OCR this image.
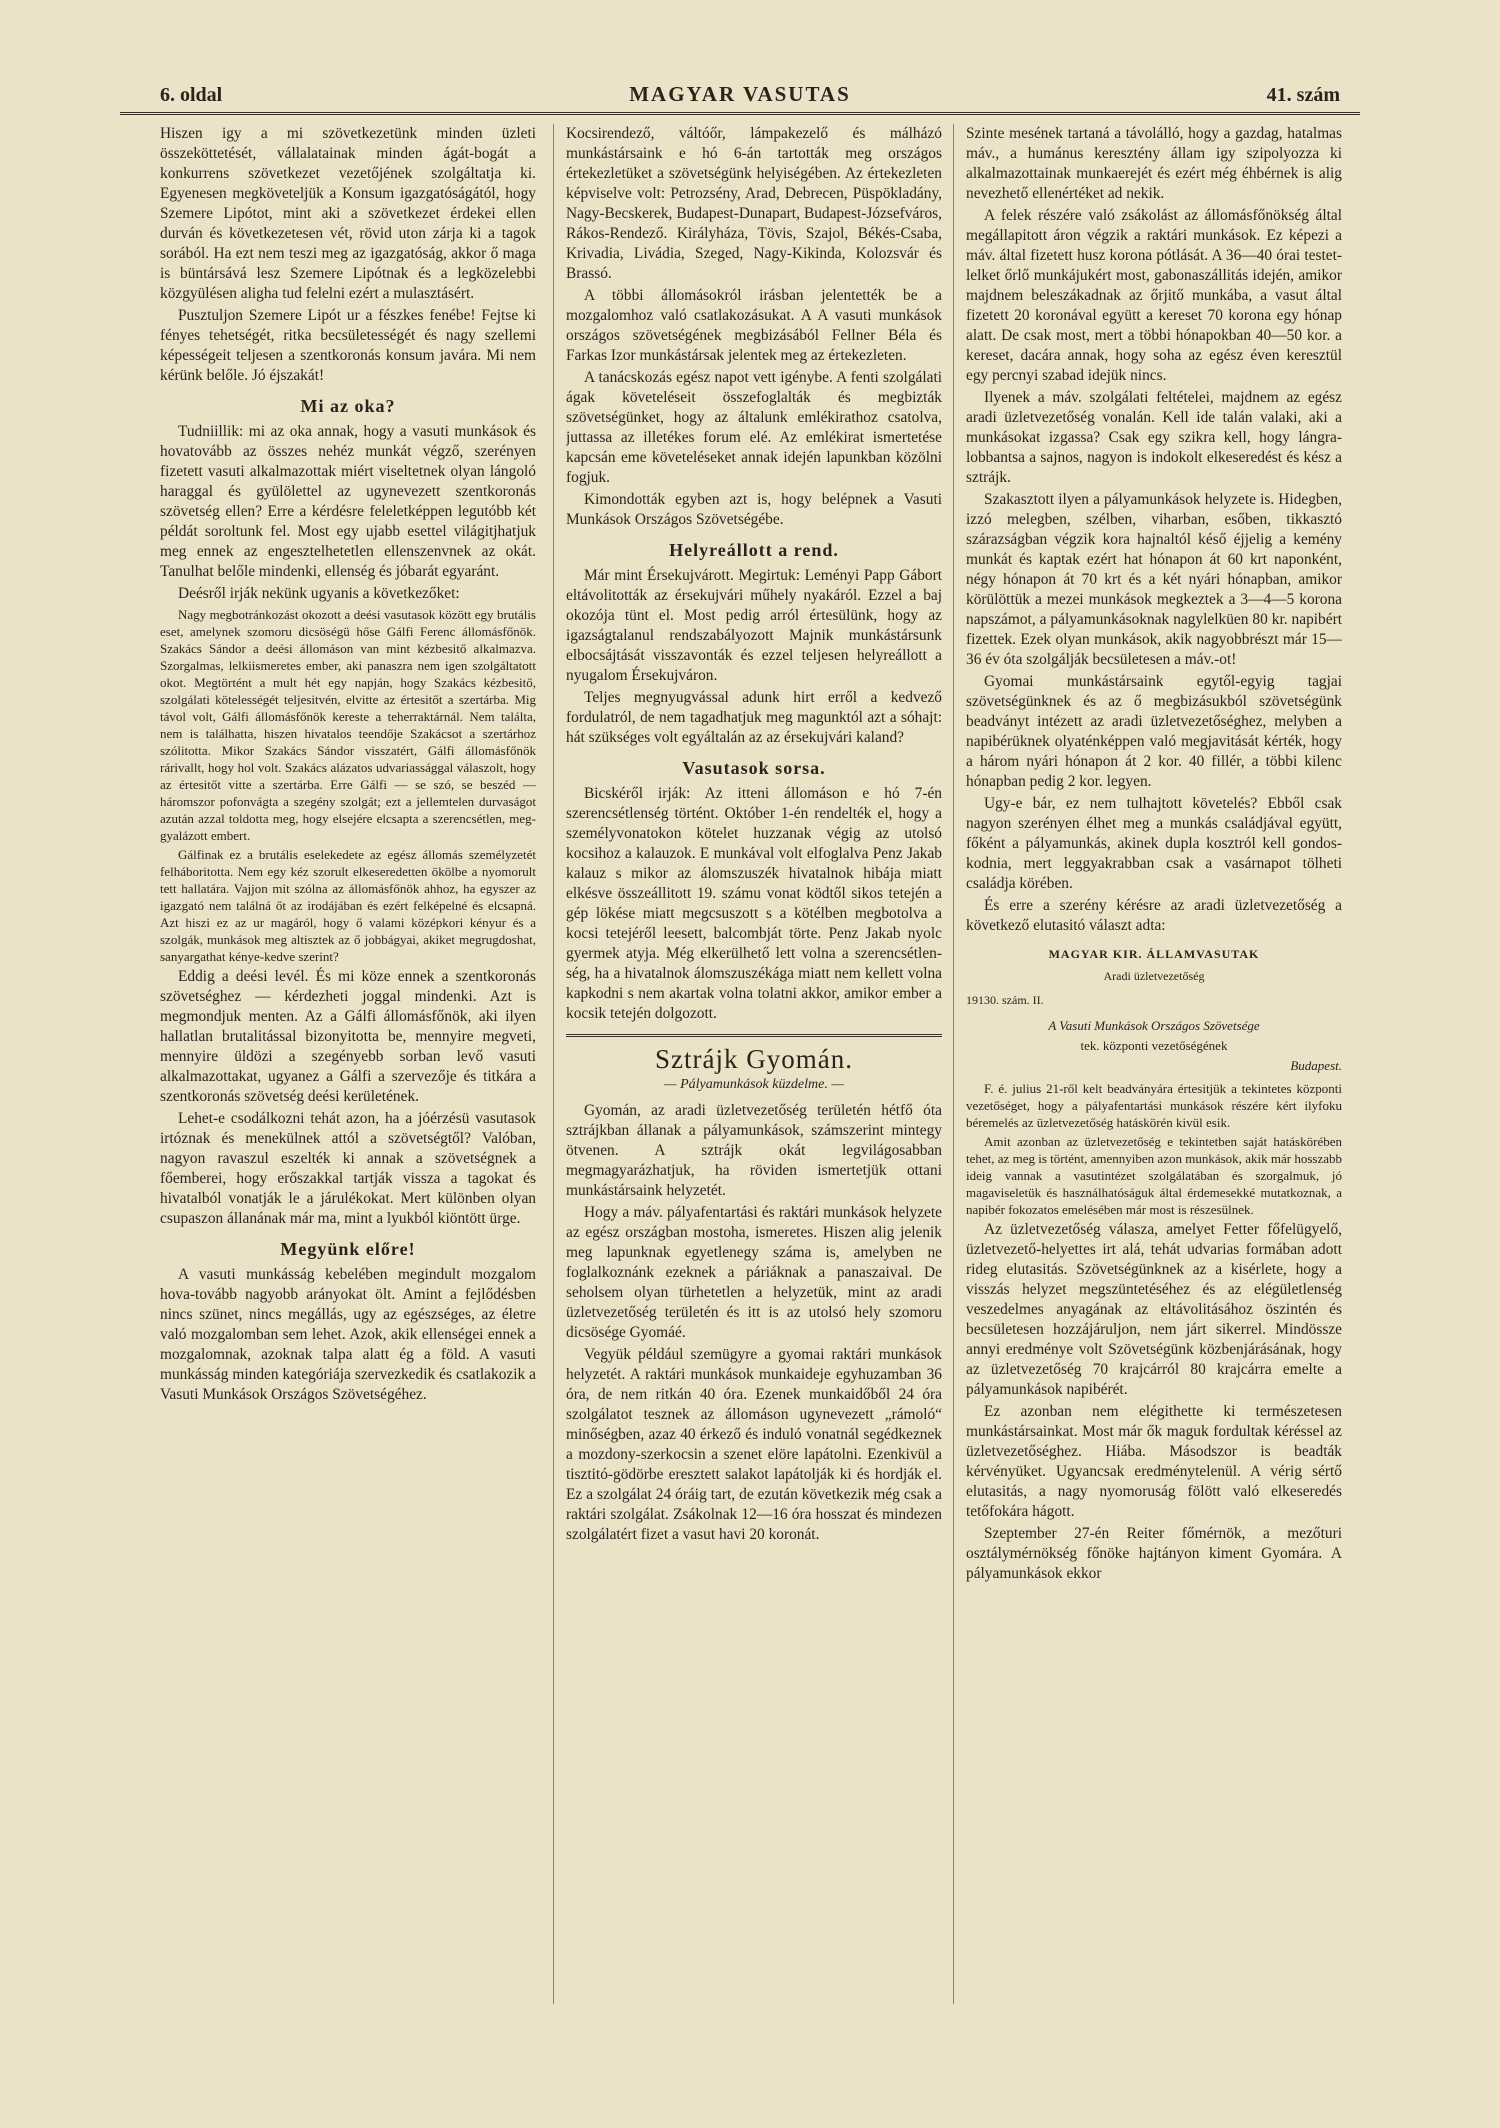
6. oldal	MAGYAR VASUTAS	41. szám

Hiszen igy a mi szövetkezetünk minden üzleti összeköttetését, vállalatainak minden ágát-bogát a konkurrens szövetkezet vezetőjének szolgáltatja ki. Egyenesen megköveteljük a Konsum igazgatóságától, hogy Szemere Lipótot, mint aki a szövetkezet érdekei ellen durván és következetesen vét, rövid uton zárja ki a tagok sorából. Ha ezt nem teszi meg az igazgatóság, akkor ő maga is büntársává lesz Szemere Lipótnak és a legközelebbi közgyülésen aligha tud felelni ezért a mulasztásért.

Pusztuljon Szemere Lipót ur a fészkes fenébe! Fejtse ki fényes tehetségét, ritka becsületességét és nagy szellemi képességeit teljesen a szentkoronás konsum javára. Mi nem kérünk belőle. Jó éjszakát!

Mi az oka?

Tudniillik: mi az oka annak, hogy a vasuti munkások és hovatovább az összes nehéz munkát végző, szerényen fizetett vasuti alkalmazottak miért viseltetnek olyan lángoló haraggal és gyülölettel az ugynevezett szentkoronás szövetség ellen? Erre a kérdésre feleletképpen legutóbb két példát soroltunk fel. Most egy ujabb esettel világitjhatjuk meg ennek az engesztelhetetlen ellenszenvnek az okát. Tanulhat belőle mindenki, ellenség és jóbarát egyaránt.

Deésről irják nekünk ugyanis a következőket:

Nagy megbotránkozást okozott a deési vasutasok között egy brutális eset, amelynek szomoru dicsöségü hőse Gálfi Ferenc állomásfőnök. Szakács Sándor a deési állomáson van mint kézbesitő alkalmazva. Szorgalmas, lelkiismeretes ember, aki panaszra nem igen szolgáltatott okot. Megtörtént a mult hét egy napján, hogy Szakács kézbesitő, szolgálati kötelességét teljesitvén, elvitte az értesitőt a szertárba. Mig távol volt, Gálfi állomásfőnök kereste a teherraktárnál. Nem találta, nem is találhatta, hiszen hivatalos teendője Szakácsot a szertárhoz szólitotta. Mikor Szakács Sándor visszatért, Gálfi állomásfőnök rárivallt, hogy hol volt. Szakács alázatos udvariassággal válaszolt, hogy az értesitőt vitte a szertárba. Erre Gálfi — se szó, se beszéd — háromszor pofonvágta a szegény szolgát; ezt a jellemtelen durvaságot azután azzal toldotta meg, hogy elsejére elcsapta a szerencsétlen, meggyalázott embert.

Gálfinak ez a brutális eselekedete az egész állomás személyzetét felháboritotta. Nem egy kéz szorult elkeseredetten ökölbe a nyomorult tett hallatára. Vajjon mit szólna az állomásfőnök ahhoz, ha egyszer az igazgató nem találná őt az irodájában és ezért felképelné és elcsapná. Azt hiszi ez az ur magáról, hogy ő valami középkori kényur és a szolgák, munkások meg altisztek az ő jobbágyai, akiket megrugdoshat, sanyargathat kénye-kedve szerint?

Eddig a deési levél. És mi köze ennek a szentkoronás szövetséghez — kérdezheti joggal mindenki. Azt is megmondjuk menten. Az a Gálfi állomásfőnök, aki ilyen hallatlan brutalitással bizonyitotta be, mennyire megveti, mennyire üldözi a szegényebb sorban levő vasuti alkalmazottakat, ugyanez a Gálfi a szervezője és titkára a szentkoronás szövetség deési kerületének.

Lehet-e csodálkozni tehát azon, ha a jóérzésü vasutasok irtóznak és menekülnek attól a szövetségtől? Valóban, nagyon ravaszul eszelték ki annak a szövetségnek a főemberei, hogy erőszakkal tartják vissza a tagokat és hivatalból vonatják le a járulékokat. Mert különben olyan csupaszon állanának már ma, mint a lyukból kiöntött ürge.

Megyünk előre!

A vasuti munkásság kebelében megindult mozgalom hova-tovább nagyobb arányokat ölt. Amint a fejlődésben nincs szünet, nincs megállás, ugy az egészséges, az életre való mozgalomban sem lehet. Azok, akik ellenségei ennek a mozgalomnak, azoknak talpa alatt ég a föld. A vasuti munkásság minden kategóriája szervezkedik és csatlakozik a Vasuti Munkások Országos Szövetségéhez.

Kocsirendező, váltóőr, lámpakezelő és málházó munkástársaink e hó 6-án tartották meg országos értekezletüket a szövetségünk helyiségében. Az értekezleten képviselve volt: Petrozsény, Arad, Debrecen, Püspökladány, Nagy-Becskerek, Budapest-Dunapart, Budapest-Józsefváros, Rákos-Rendező. Királyháza, Tövis, Szajol, Békés-Csaba, Krivadia, Livádia, Szeged, Nagy-Kikinda, Kolozsvár és Brassó.

A többi állomásokról irásban jelentették be a mozgalomhoz való csatlakozásukat. A A vasuti munkások országos szövetségének megbizásából Fellner Béla és Farkas Izor munkástársak jelentek meg az értekezleten.

A tanácskozás egész napot vett igénybe. A fenti szolgálati ágak követeléseit összefoglalták és megbizták szövetségünket, hogy az általunk emlékirathoz csatolva, juttassa az illetékes forum elé. Az emlékirat ismertetése kapcsán eme követeléseket annak idején lapunkban közölni fogjuk.

Kimondották egyben azt is, hogy belépnek a Vasuti Munkások Országos Szövetségébe.

Helyreállott a rend.

Már mint Érsekujvárott. Megirtuk: Leményi Papp Gábort eltávolitották az érsekujvári műhely nyakáról. Ezzel a baj okozója tünt el. Most pedig arról értesülünk, hogy az igazságtalanul rendszabályozott Majnik munkástársunk elbocsájtását visszavonták és ezzel teljesen helyreállott a nyugalom Érsekujváron.

Teljes megnyugvással adunk hirt erről a kedvező fordulatról, de nem tagadhatjuk meg magunktól azt a sóhajt: hát szükséges volt egyáltalán az az érsekujvári kaland?

Vasutasok sorsa.

Bicskéről irják: Az itteni állomáson e hó 7-én szerencsétlenség történt. Október 1-én rendelték el, hogy a személyvonatokon kötelet huzzanak végig az utolsó kocsihoz a kalauzok. E munkával volt elfoglalva Penz Jakab kalauz s mikor az álomszuszék hivatalnok hibája miatt elkésve összeállitott 19. számu vonat ködtől sikos tetején a gép lökése miatt megcsuszott s a kötélben megbotolva a kocsi tetejéről leesett, balcombját törte. Penz Jakab nyolc gyermek atyja. Még elkerülhető lett volna a szerencsétlenség, ha a hivatalnok álomszuszékága miatt nem kellett volna kapkodni s nem akartak volna tolatni akkor, amikor ember a kocsik tetején dolgozott.

Sztrájk Gyomán.
— Pályamunkások küzdelme. —

Gyomán, az aradi üzletvezetőség területén hétfő óta sztrájkban állanak a pályamunkások, számszerint mintegy ötvenen. A sztrájk okát legvilágosabban megmagyarázhatjuk, ha röviden ismertetjük ottani munkástársaink helyzetét.

Hogy a máv. pályafentartási és raktári munkások helyzete az egész országban mostoha, ismeretes. Hiszen alig jelenik meg lapunknak egyetlenegy száma is, amelyben ne foglalkoznánk ezeknek a páriáknak a panaszaival. De seholsem olyan türhetetlen a helyzetük, mint az aradi üzletvezetőség területén és itt is az utolsó hely szomoru dicsösége Gyomáé.

Vegyük például szemügyre a gyomai raktári munkások helyzetét. A raktári munkások munkaideje egyhuzamban 36 óra, de nem ritkán 40 óra. Ezenek munkaidőből 24 óra szolgálatot tesznek az állomáson ugynevezett „rámoló“ minőségben, azaz 40 érkező és induló vonatnál segédkeznek a mozdony-szerkocsin a szenet elöre lapátolni. Ezenkivül a tisztitó-gödörbe eresztett salakot lapátolják ki és hordják el. Ez a szolgálat 24 óráig tart, de ezután következik még csak a raktári szolgálat. Zsákolnak 12—16 óra hosszat és mindezen szolgálatért fizet a vasut havi 20 koronát.

Szinte mesének tartaná a távolálló, hogy a gazdag, hatalmas máv., a humánus keresztény állam igy szipolyozza ki alkalmazottainak munkaerejét és ezért még éhbérnek is alig nevezhető ellenértéket ad nekik.

A felek részére való zsákolást az állomásfőnökség által megállapitott áron végzik a raktári munkások. Ez képezi a máv. által fizetett husz korona pótlását. A 36—40 órai testet-lelket őrlő munkájukért most, gabonaszállitás idején, amikor majdnem beleszákadnak az őrjitő munkába, a vasut által fizetett 20 koronával együtt a kereset 70 korona egy hónap alatt. De csak most, mert a többi hónapokban 40—50 kor. a kereset, dacára annak, hogy soha az egész éven keresztül egy percnyi szabad idejük nincs.

Ilyenek a máv. szolgálati feltételei, majdnem az egész aradi üzletvezetőség vonalán. Kell ide talán valaki, aki a munkásokat izgassa? Csak egy szikra kell, hogy lángralobbantsa a sajnos, nagyon is indokolt elkeseredést és kész a sztrájk.

Szakasztott ilyen a pályamunkások helyzete is. Hidegben, izzó melegben, szélben, viharban, esőben, tikkasztó szárazságban végzik kora hajnaltól késő éjjelig a kemény munkát és kaptak ezért hat hónapon át 60 krt naponként, négy hónapon át 70 krt és a két nyári hónapban, amikor körülöttük a mezei munkások megkeztek a 3—4—5 korona napszámot, a pályamunkásoknak nagylelküen 80 kr. napibért fizettek. Ezek olyan munkások, akik nagyobbrészt már 15—36 év óta szolgálják becsületesen a máv.-ot!

Gyomai munkástársaink egytől-egyig tagjai szövetségünknek és az ő megbizásukból szövetségünk beadványt intézett az aradi üzletvezetőséghez, melyben a napibérüknek olyaténképpen való megjavitását kérték, hogy a három nyári hónapon át 2 kor. 40 fillér, a többi kilenc hónapban pedig 2 kor. legyen.

Ugy-e bár, ez nem tulhajtott követelés? Ebből csak nagyon szerényen élhet meg a munkás családjával együtt, főként a pályamunkás, akinek dupla kosztról kell gondoskodnia, mert leggyakrabban csak a vasárnapot tölheti családja körében.

És erre a szerény kérésre az aradi üzletvezetőség a következő elutasitó választ adta:

MAGYAR KIR. ÁLLAMVASUTAK
Aradi üzletvezetőség
19130. szám. II.
A Vasuti Munkások Országos Szövetsége
tek. központi vezetőségének
Budapest.

F. é. julius 21-ről kelt beadványára értesitjük a tekintetes központi vezetőséget, hogy a pályafentartási munkások részére kért ilyfoku béremelés az üzletvezetőség hatáskörén kivül esik.

Amit azonban az üzletvezetőség e tekintetben saját hatáskörében tehet, az meg is történt, amennyiben azon munkások, akik már hosszabb ideig vannak a vasutintézet szolgálatában és szorgalmuk, jó magaviseletük és használhatóságuk által érdemesekké mutatkoznak, a napibér fokozatos emelésében már most is részesülnek.

Az üzletvezetőség válasza, amelyet Fetter főfelügyelő, üzletvezető-helyettes irt alá, tehát udvarias formában adott rideg elutasitás. Szövetségünknek az a kisérlete, hogy a visszás helyzet megszüntetéséhez és az elégületlenség veszedelmes anyagának az eltávolitásához öszintén és becsületesen hozzájáruljon, nem járt sikerrel. Mindössze annyi eredménye volt Szövetségünk közbenjárásának, hogy az üzletvezetőség 70 krajcárról 80 krajcárra emelte a pályamunkások napibérét.

Ez azonban nem elégithette ki természetesen munkástársainkat. Most már ők maguk fordultak kéréssel az üzletvezetőséghez. Hiába. Másodszor is beadták kérvényüket. Ugyancsak eredménytelenül. A vérig sértő elutasitás, a nagy nyomoruság fölött való elkeseredés tetőfokára hágott.

Szeptember 27-én Reiter főmérnök, a mezőturi osztálymérnökség főnöke hajtányon kiment Gyomára. A pályamunkások ekkor
